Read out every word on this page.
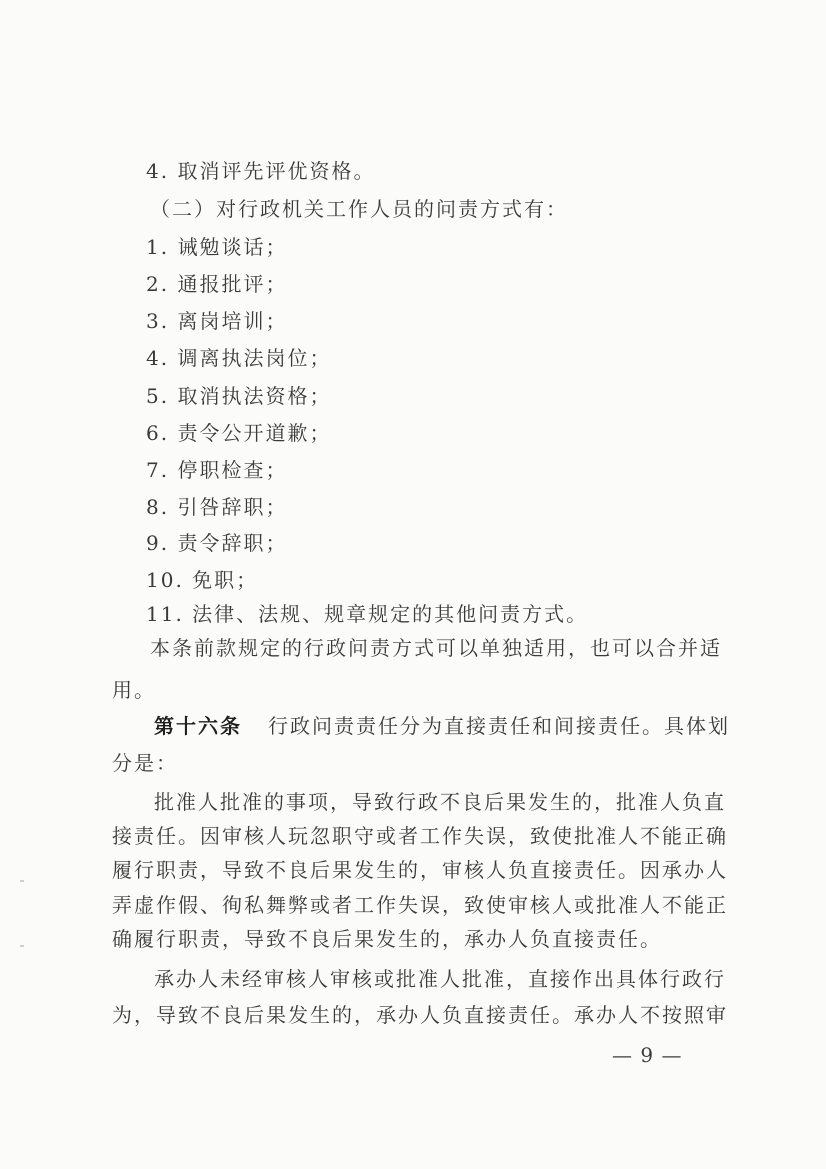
4. 取消评先评优资格。
（二）对行政机关工作人员的问责方式有：
1. 诫勉谈话；
2. 通报批评；
3. 离岗培训；
4. 调离执法岗位；
5. 取消执法资格；
6. 责令公开道歉；
7. 停职检查；
8. 引咎辞职；
9. 责令辞职；
10. 免职；
11. 法律、法规、规章规定的其他问责方式。
本条前款规定的行政问责方式可以单独适用，也可以合并适
用。
第十六条 行政问责责任分为直接责任和间接责任。具体划
分是：
批准人批准的事项，导致行政不良后果发生的，批准人负直
接责任。因审核人玩忽职守或者工作失误，致使批准人不能正确
履行职责，导致不良后果发生的，审核人负直接责任。因承办人
弄虚作假、徇私舞弊或者工作失误，致使审核人或批准人不能正
确履行职责，导致不良后果发生的，承办人负直接责任。
承办人未经审核人审核或批准人批准，直接作出具体行政行
为，导致不良后果发生的，承办人负直接责任。承办人不按照审
— 9 —
